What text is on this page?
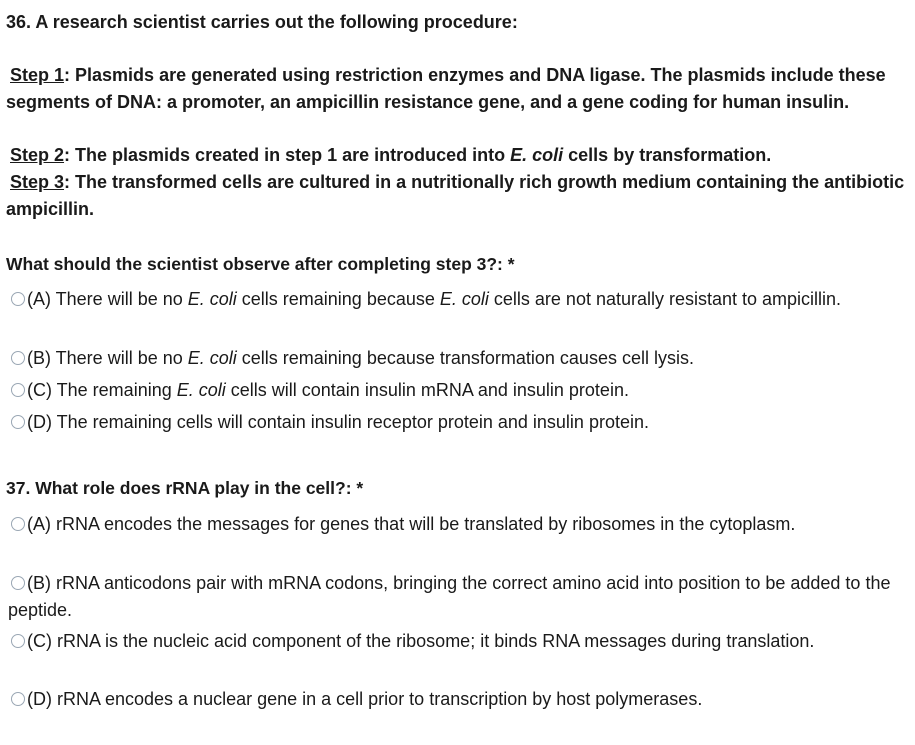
36. A research scientist carries out the following procedure:
Step 1: Plasmids are generated using restriction enzymes and DNA ligase. The plasmids include these segments of DNA: a promoter, an ampicillin resistance gene, and a gene coding for human insulin.
Step 2: The plasmids created in step 1 are introduced into E. coli cells by transformation.
Step 3: The transformed cells are cultured in a nutritionally rich growth medium containing the antibiotic ampicillin.
What should the scientist observe after completing step 3?: *
(A) There will be no E. coli cells remaining because E. coli cells are not naturally resistant to ampicillin.
(B) There will be no E. coli cells remaining because transformation causes cell lysis.
(C) The remaining E. coli cells will contain insulin mRNA and insulin protein.
(D) The remaining cells will contain insulin receptor protein and insulin protein.
37. What role does rRNA play in the cell?: *
(A) rRNA encodes the messages for genes that will be translated by ribosomes in the cytoplasm.
(B) rRNA anticodons pair with mRNA codons, bringing the correct amino acid into position to be added to the peptide.
(C) rRNA is the nucleic acid component of the ribosome; it binds RNA messages during translation.
(D) rRNA encodes a nuclear gene in a cell prior to transcription by host polymerases.
